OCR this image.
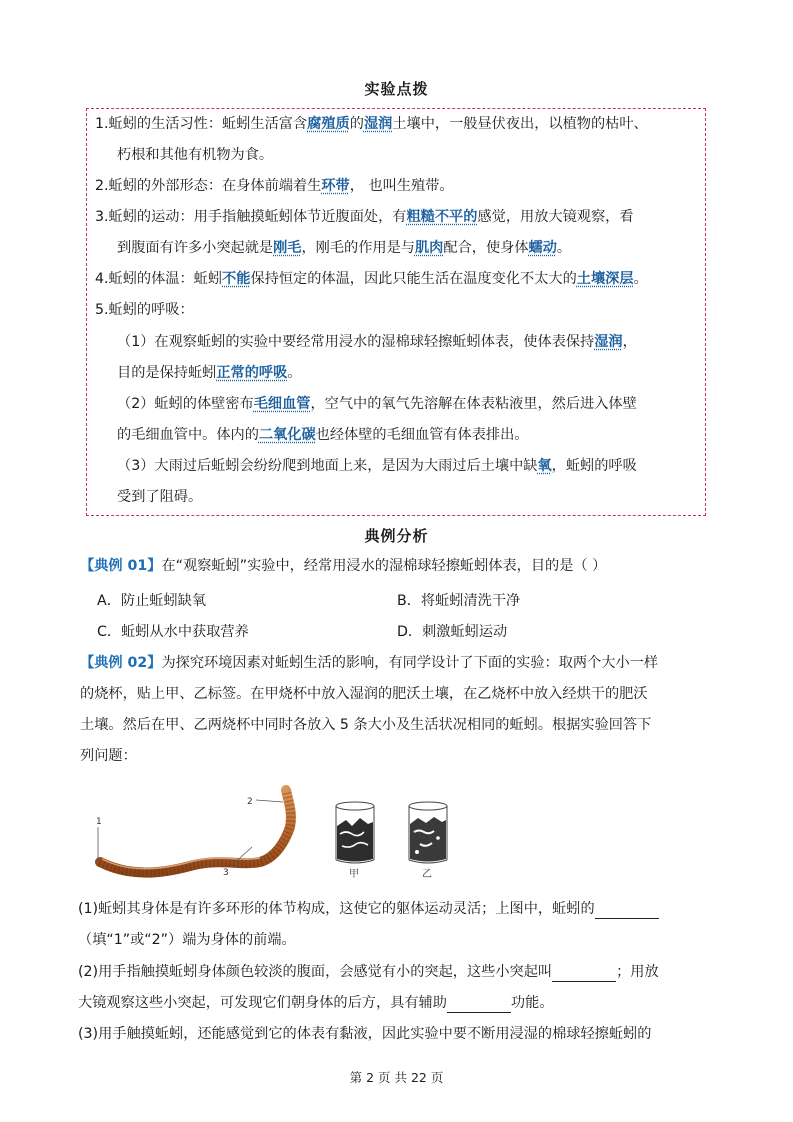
实验点拨
1.蚯蚓的生活习性：蚯蚓生活富含腐殖质的湿润土壤中，一般昼伏夜出，以植物的枯叶、
朽根和其他有机物为食。
2.蚯蚓的外部形态：在身体前端着生环带， 也叫生殖带。
3.蚯蚓的运动：用手指触摸蚯蚓体节近腹面处，有粗糙不平的感觉，用放大镜观察，看
到腹面有许多小突起就是刚毛，刚毛的作用是与肌肉配合，使身体蠕动。
4.蚯蚓的体温：蚯蚓不能保持恒定的体温，因此只能生活在温度变化不太大的土壤深层。
5.蚯蚓的呼吸：
（1）在观察蚯蚓的实验中要经常用浸水的湿棉球轻擦蚯蚓体表，使体表保持湿润，
目的是保持蚯蚓正常的呼吸。
（2）蚯蚓的体壁密布毛细血管，空气中的氧气先溶解在体表粘液里，然后进入体壁
的毛细血管中。体内的二氧化碳也经体壁的毛细血管有体表排出。
（3）大雨过后蚯蚓会纷纷爬到地面上来，是因为大雨过后土壤中缺氧，蚯蚓的呼吸
受到了阻碍。
典例分析
【典例 01】在“观察蚯蚓”实验中，经常用浸水的湿棉球轻擦蚯蚓体表，目的是（ ）
A．防止蚯蚓缺氧	B．将蚯蚓清洗干净
C．蚯蚓从水中获取营养	D．刺激蚯蚓运动
【典例 02】为探究环境因素对蚯蚓生活的影响，有同学设计了下面的实验：取两个大小一样
的烧杯，贴上甲、乙标签。在甲烧杯中放入湿润的肥沃土壤，在乙烧杯中放入经烘干的肥沃
土壤。然后在甲、乙两烧杯中同时各放入 5 条大小及生活状况相同的蚯蚓。根据实验回答下
列问题：
1
2
3	甲	乙
(1)蚯蚓其身体是有许多环形的体节构成，这使它的躯体运动灵活；上图中，蚯蚓的
（填“1”或“2”）端为身体的前端。
(2)用手指触摸蚯蚓身体颜色较淡的腹面，会感觉有小的突起，这些小突起叫	；用放
大镜观察这些小突起，可发现它们朝身体的后方，具有辅助	功能。
(3)用手触摸蚯蚓，还能感觉到它的体表有黏液，因此实验中要不断用浸湿的棉球轻擦蚯蚓的
第 2 页 共 22 页
